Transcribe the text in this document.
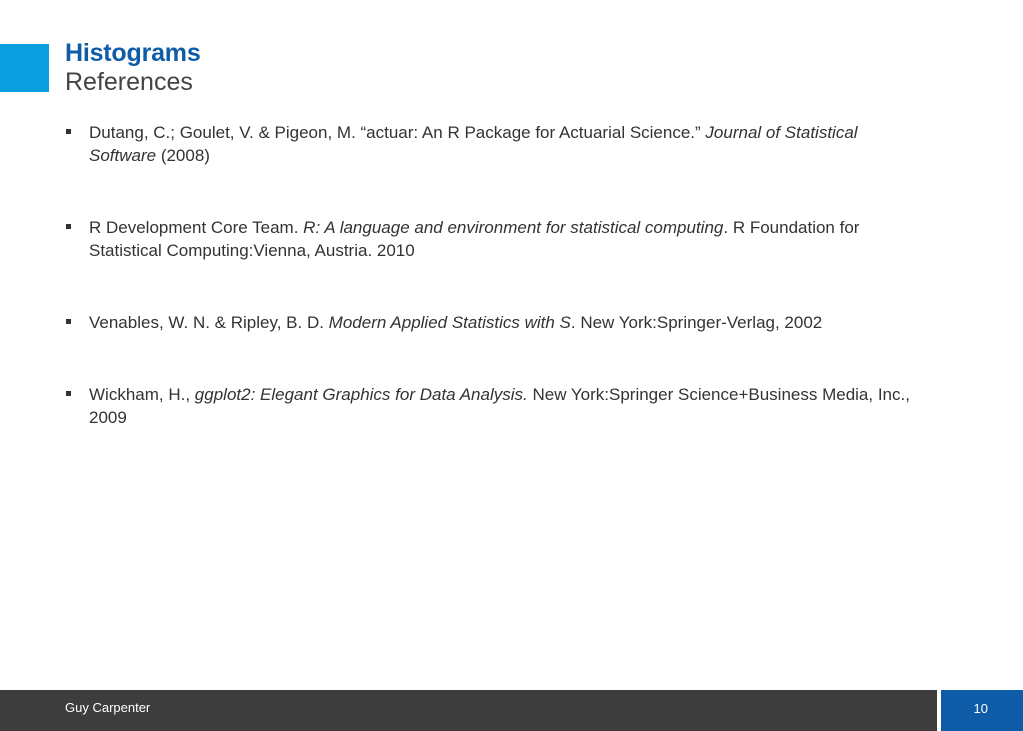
Histograms
References
Dutang, C.; Goulet, V. & Pigeon, M. “actuar: An R Package for Actuarial Science.” Journal of Statistical Software (2008)
R Development Core Team. R: A language and environment for statistical computing. R Foundation for Statistical Computing:Vienna, Austria. 2010
Venables, W. N. & Ripley, B. D. Modern Applied Statistics with S. New York:Springer-Verlag, 2002
Wickham, H., ggplot2: Elegant Graphics for Data Analysis. New York:Springer Science+Business Media, Inc., 2009
Guy Carpenter	10
